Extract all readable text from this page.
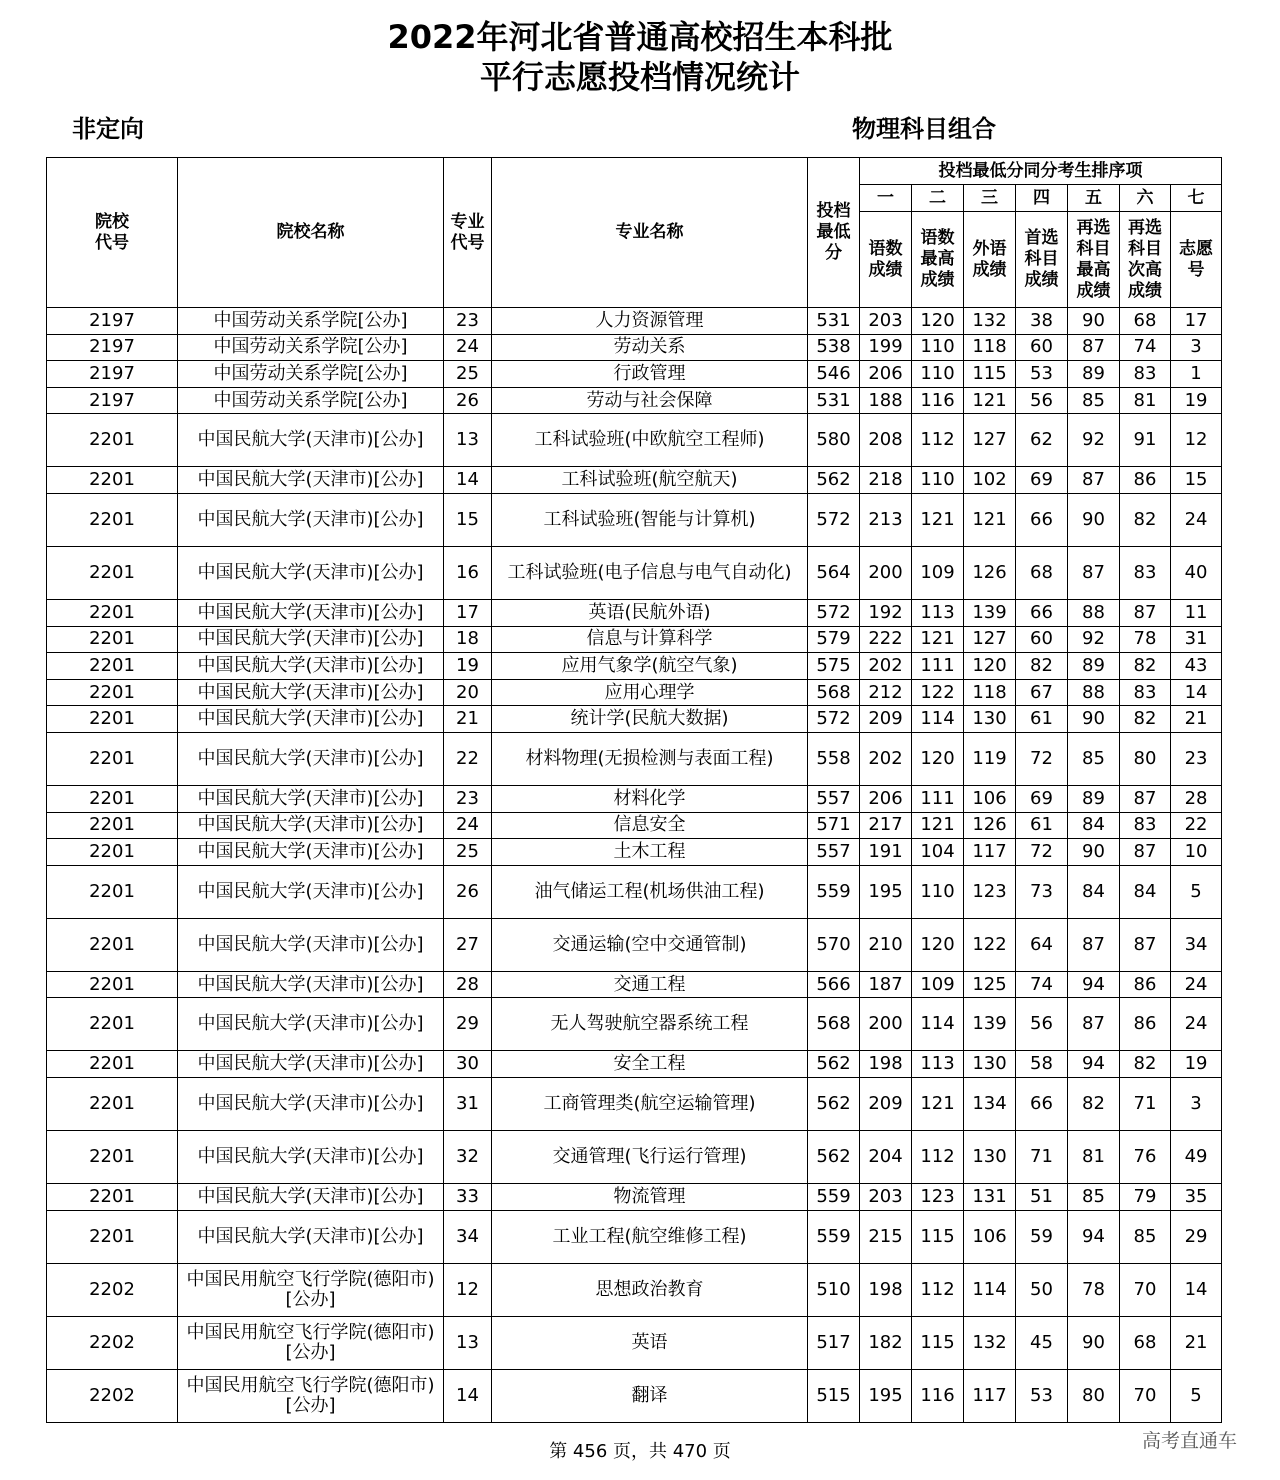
2022年河北省普通高校招生本科批
平行志愿投档情况统计
非定向	物理科目组合
院校代号	院校名称	专业代号	专业名称	投档最低分	投档最低分同分考生排序项						
					一	二	三	四	五	六	七
					语数成绩	语数最高成绩	外语成绩	首选科目成绩	再选科目最高成绩	再选科目次高成绩	志愿号
2197	中国劳动关系学院[公办]	23	人力资源管理	531	203	120	132	38	90	68	17
2197	中国劳动关系学院[公办]	24	劳动关系	538	199	110	118	60	87	74	3
2197	中国劳动关系学院[公办]	25	行政管理	546	206	110	115	53	89	83	1
2197	中国劳动关系学院[公办]	26	劳动与社会保障	531	188	116	121	56	85	81	19
2201	中国民航大学(天津市)[公办]	13	工科试验班(中欧航空工程师)	580	208	112	127	62	92	91	12
2201	中国民航大学(天津市)[公办]	14	工科试验班(航空航天)	562	218	110	102	69	87	86	15
2201	中国民航大学(天津市)[公办]	15	工科试验班(智能与计算机)	572	213	121	121	66	90	82	24
2201	中国民航大学(天津市)[公办]	16	工科试验班(电子信息与电气自动化)	564	200	109	126	68	87	83	40
2201	中国民航大学(天津市)[公办]	17	英语(民航外语)	572	192	113	139	66	88	87	11
2201	中国民航大学(天津市)[公办]	18	信息与计算科学	579	222	121	127	60	92	78	31
2201	中国民航大学(天津市)[公办]	19	应用气象学(航空气象)	575	202	111	120	82	89	82	43
2201	中国民航大学(天津市)[公办]	20	应用心理学	568	212	122	118	67	88	83	14
2201	中国民航大学(天津市)[公办]	21	统计学(民航大数据)	572	209	114	130	61	90	82	21
2201	中国民航大学(天津市)[公办]	22	材料物理(无损检测与表面工程)	558	202	120	119	72	85	80	23
2201	中国民航大学(天津市)[公办]	23	材料化学	557	206	111	106	69	89	87	28
2201	中国民航大学(天津市)[公办]	24	信息安全	571	217	121	126	61	84	83	22
2201	中国民航大学(天津市)[公办]	25	土木工程	557	191	104	117	72	90	87	10
2201	中国民航大学(天津市)[公办]	26	油气储运工程(机场供油工程)	559	195	110	123	73	84	84	5
2201	中国民航大学(天津市)[公办]	27	交通运输(空中交通管制)	570	210	120	122	64	87	87	34
2201	中国民航大学(天津市)[公办]	28	交通工程	566	187	109	125	74	94	86	24
2201	中国民航大学(天津市)[公办]	29	无人驾驶航空器系统工程	568	200	114	139	56	87	86	24
2201	中国民航大学(天津市)[公办]	30	安全工程	562	198	113	130	58	94	82	19
2201	中国民航大学(天津市)[公办]	31	工商管理类(航空运输管理)	562	209	121	134	66	82	71	3
2201	中国民航大学(天津市)[公办]	32	交通管理(飞行运行管理)	562	204	112	130	71	81	76	49
2201	中国民航大学(天津市)[公办]	33	物流管理	559	203	123	131	51	85	79	35
2201	中国民航大学(天津市)[公办]	34	工业工程(航空维修工程)	559	215	115	106	59	94	85	29
2202	中国民用航空飞行学院(德阳市)[公办]	12	思想政治教育	510	198	112	114	50	78	70	14
2202	中国民用航空飞行学院(德阳市)[公办]	13	英语	517	182	115	132	45	90	68	21
2202	中国民用航空飞行学院(德阳市)[公办]	14	翻译	515	195	116	117	53	80	70	5
第 456 页，共 470 页	高考直通车
